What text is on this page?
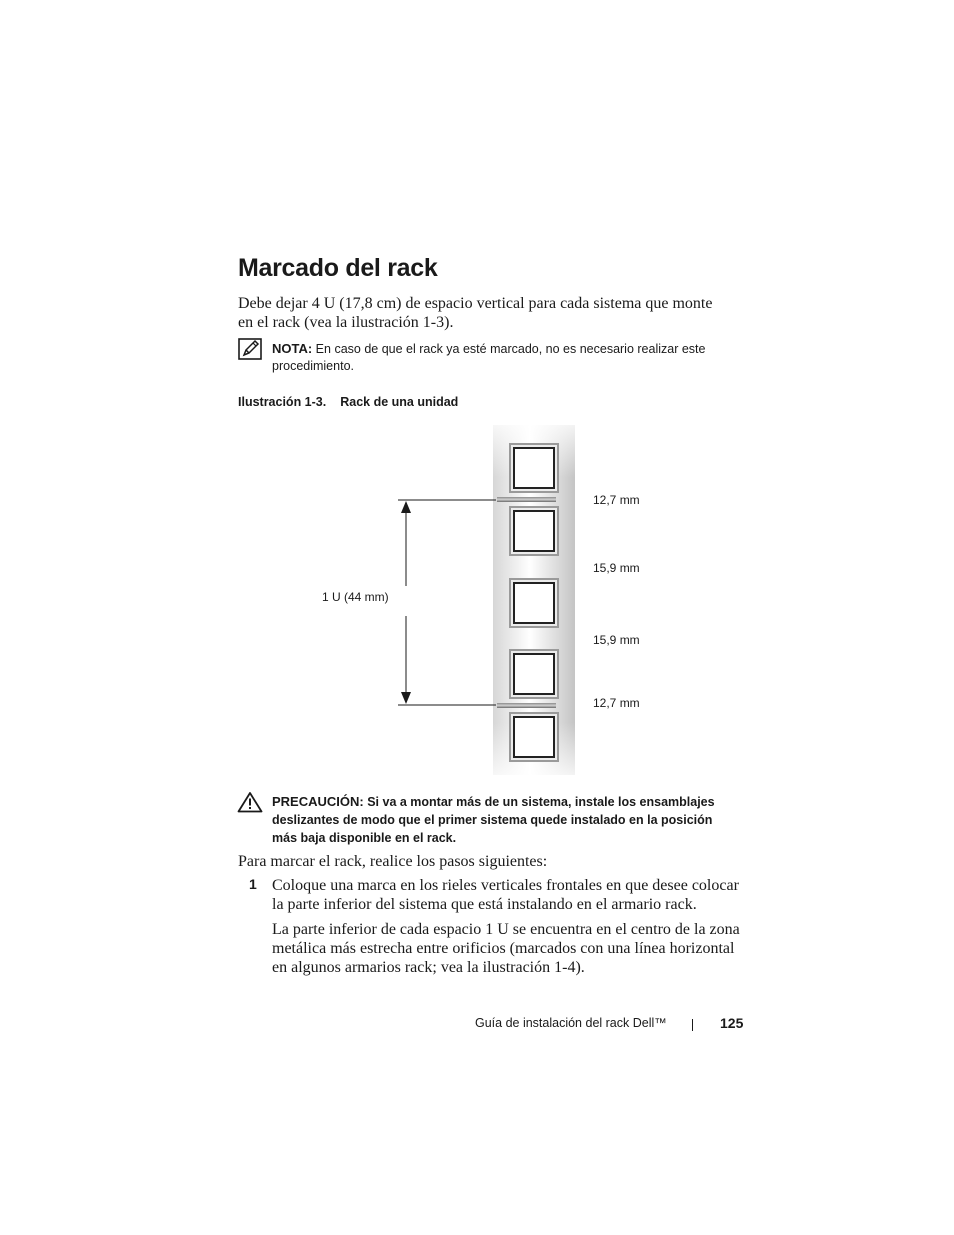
Marcado del rack
Debe dejar 4 U (17,8 cm) de espacio vertical para cada sistema que monte
en el rack (vea la ilustración 1-3).
NOTA: En caso de que el rack ya esté marcado, no es necesario realizar este
procedimiento.
Ilustración 1-3. Rack de una unidad
1 U (44 mm)
12,7 mm
15,9 mm
15,9 mm
12,7 mm
PRECAUCIÓN: Si va a montar más de un sistema, instale los ensamblajes
deslizantes de modo que el primer sistema quede instalado en la posición
más baja disponible en el rack.
Para marcar el rack, realice los pasos siguientes:
1 Coloque una marca en los rieles verticales frontales en que desee colocar
la parte inferior del sistema que está instalando en el armario rack.
La parte inferior de cada espacio 1 U se encuentra en el centro de la zona
metálica más estrecha entre orificios (marcados con una línea horizontal
en algunos armarios rack; vea la ilustración 1-4).
Guía de instalación del rack Dell™	125
